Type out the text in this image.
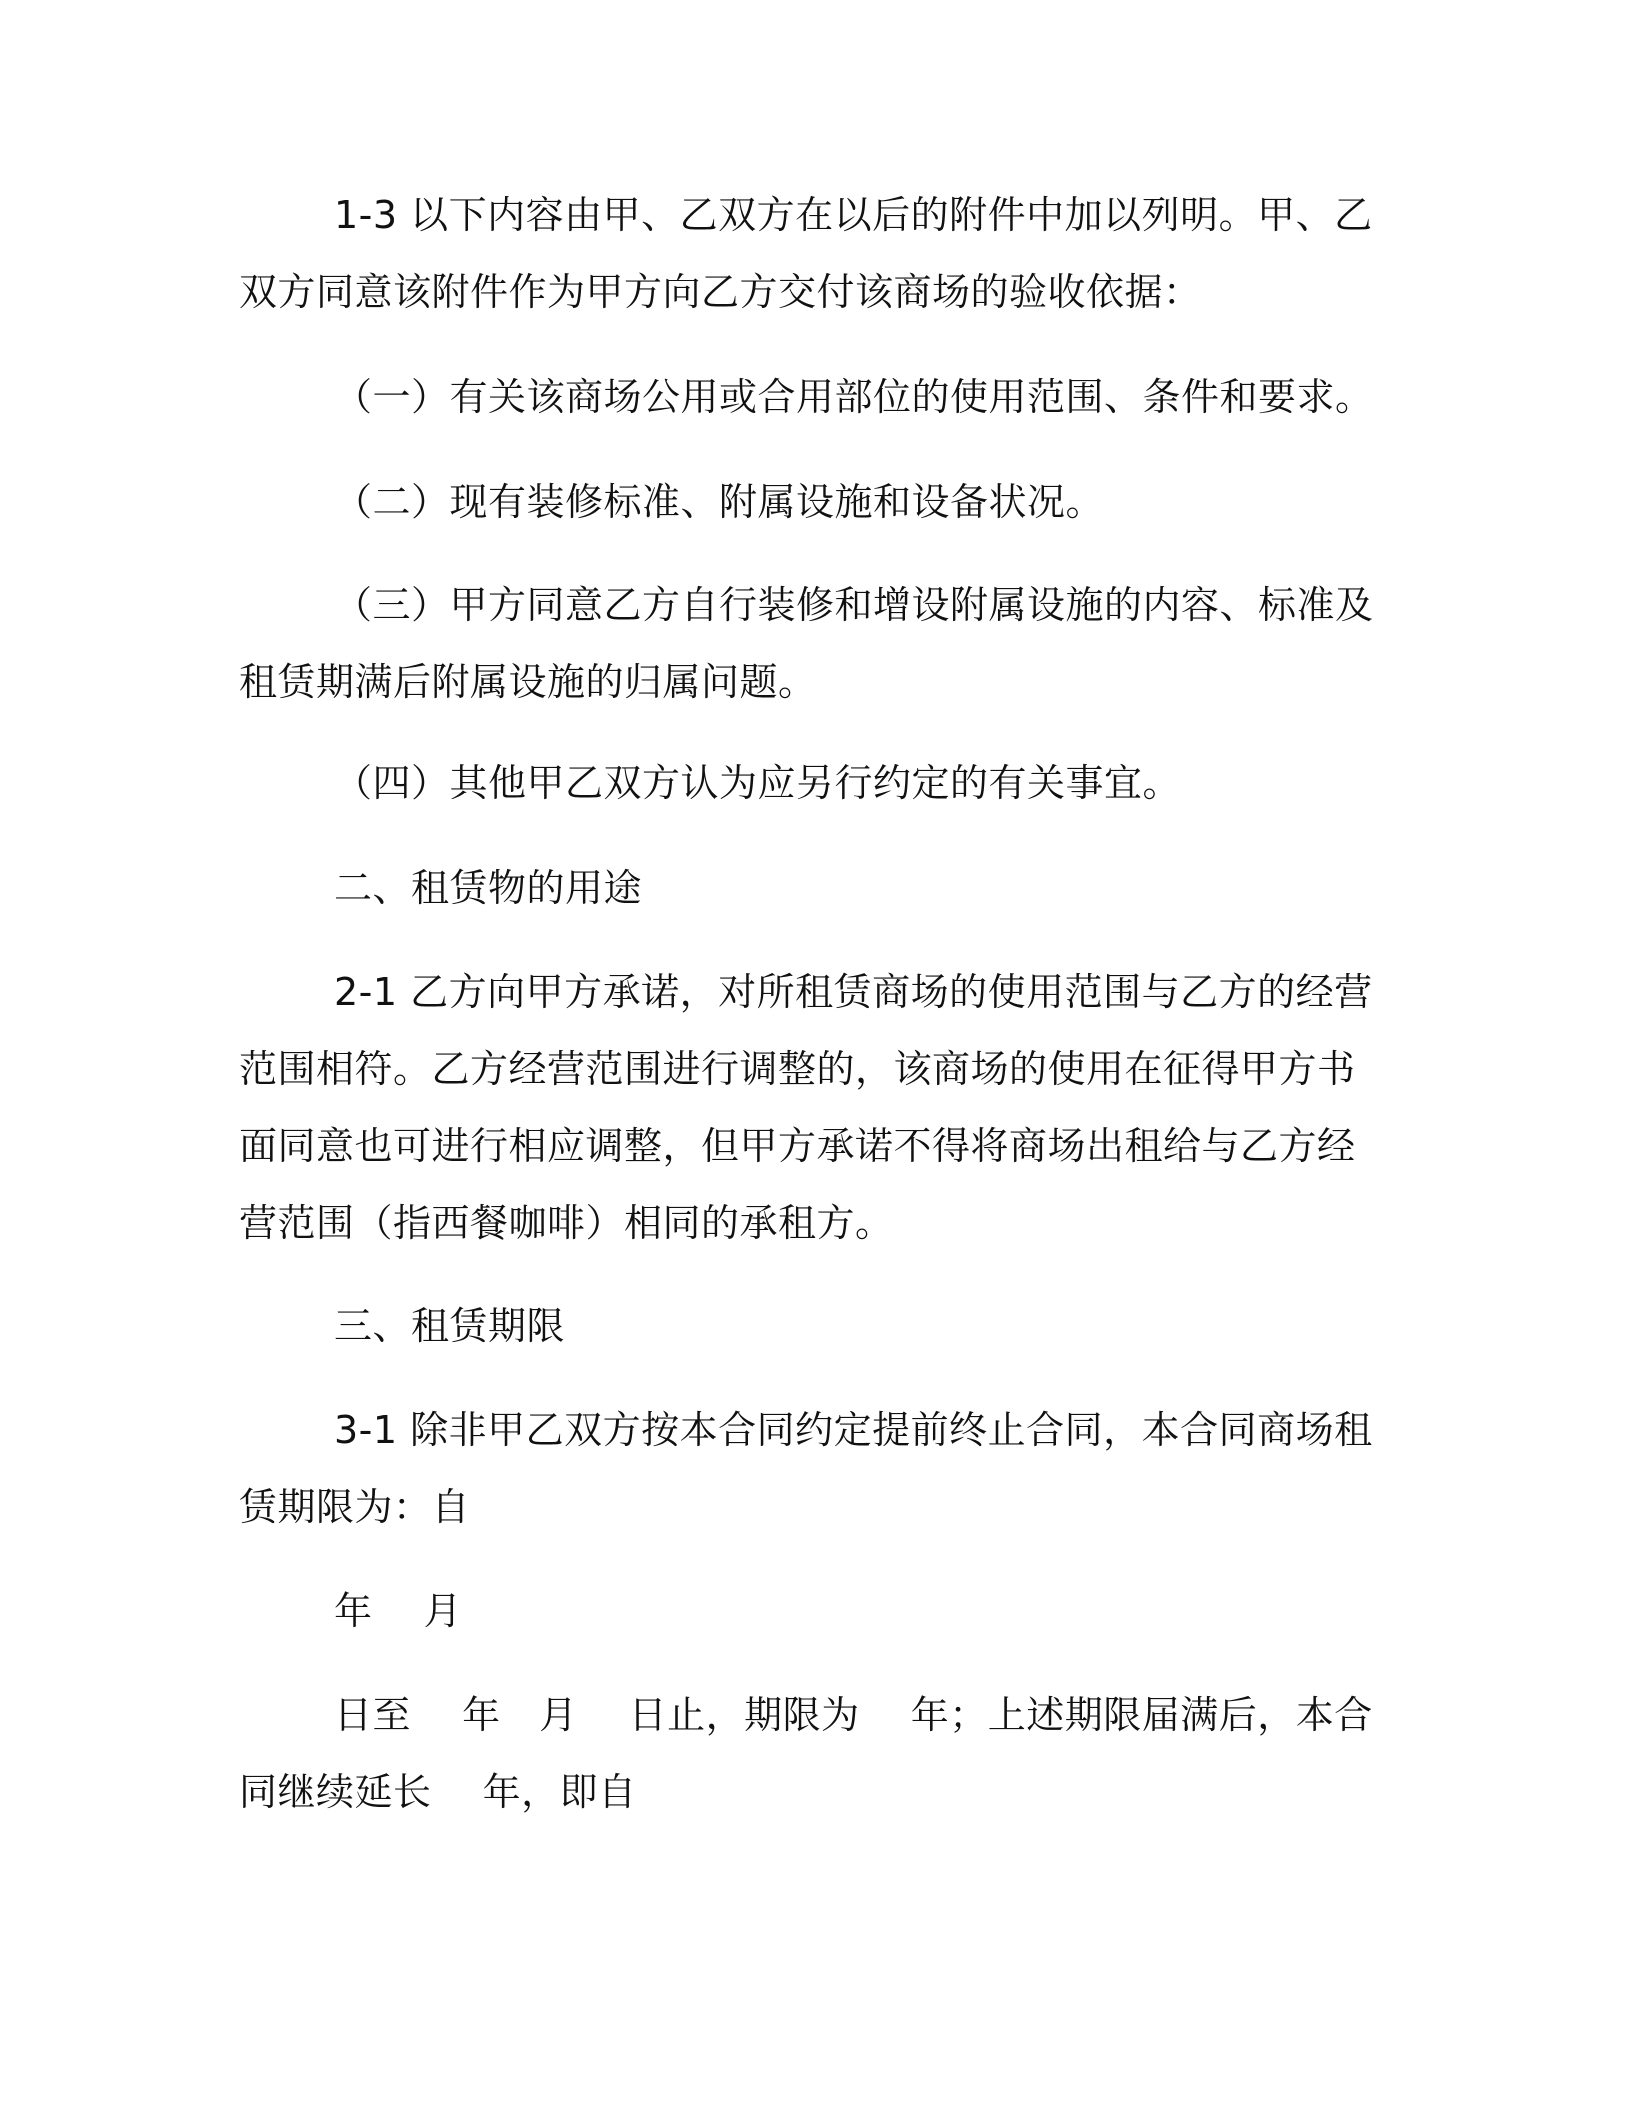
1-3 以下内容由甲、乙双方在以后的附件中加以列明。甲、乙双方同意该附件作为甲方向乙方交付该商场的验收依据：

（一）有关该商场公用或合用部位的使用范围、条件和要求。

（二）现有装修标准、附属设施和设备状况。

（三）甲方同意乙方自行装修和增设附属设施的内容、标准及租赁期满后附属设施的归属问题。

（四）其他甲乙双方认为应另行约定的有关事宜。

二、租赁物的用途

2-1 乙方向甲方承诺，对所租赁商场的使用范围与乙方的经营范围相符。乙方经营范围进行调整的，该商场的使用在征得甲方书面同意也可进行相应调整，但甲方承诺不得将商场出租给与乙方经营范围（指西餐咖啡）相同的承租方。

三、租赁期限

3-1 除非甲乙双方按本合同约定提前终止合同，本合同商场租赁期限为：自

年　 月

日至　 年　月　 日止，期限为　 年；上述期限届满后，本合同继续延长　 年，即自
